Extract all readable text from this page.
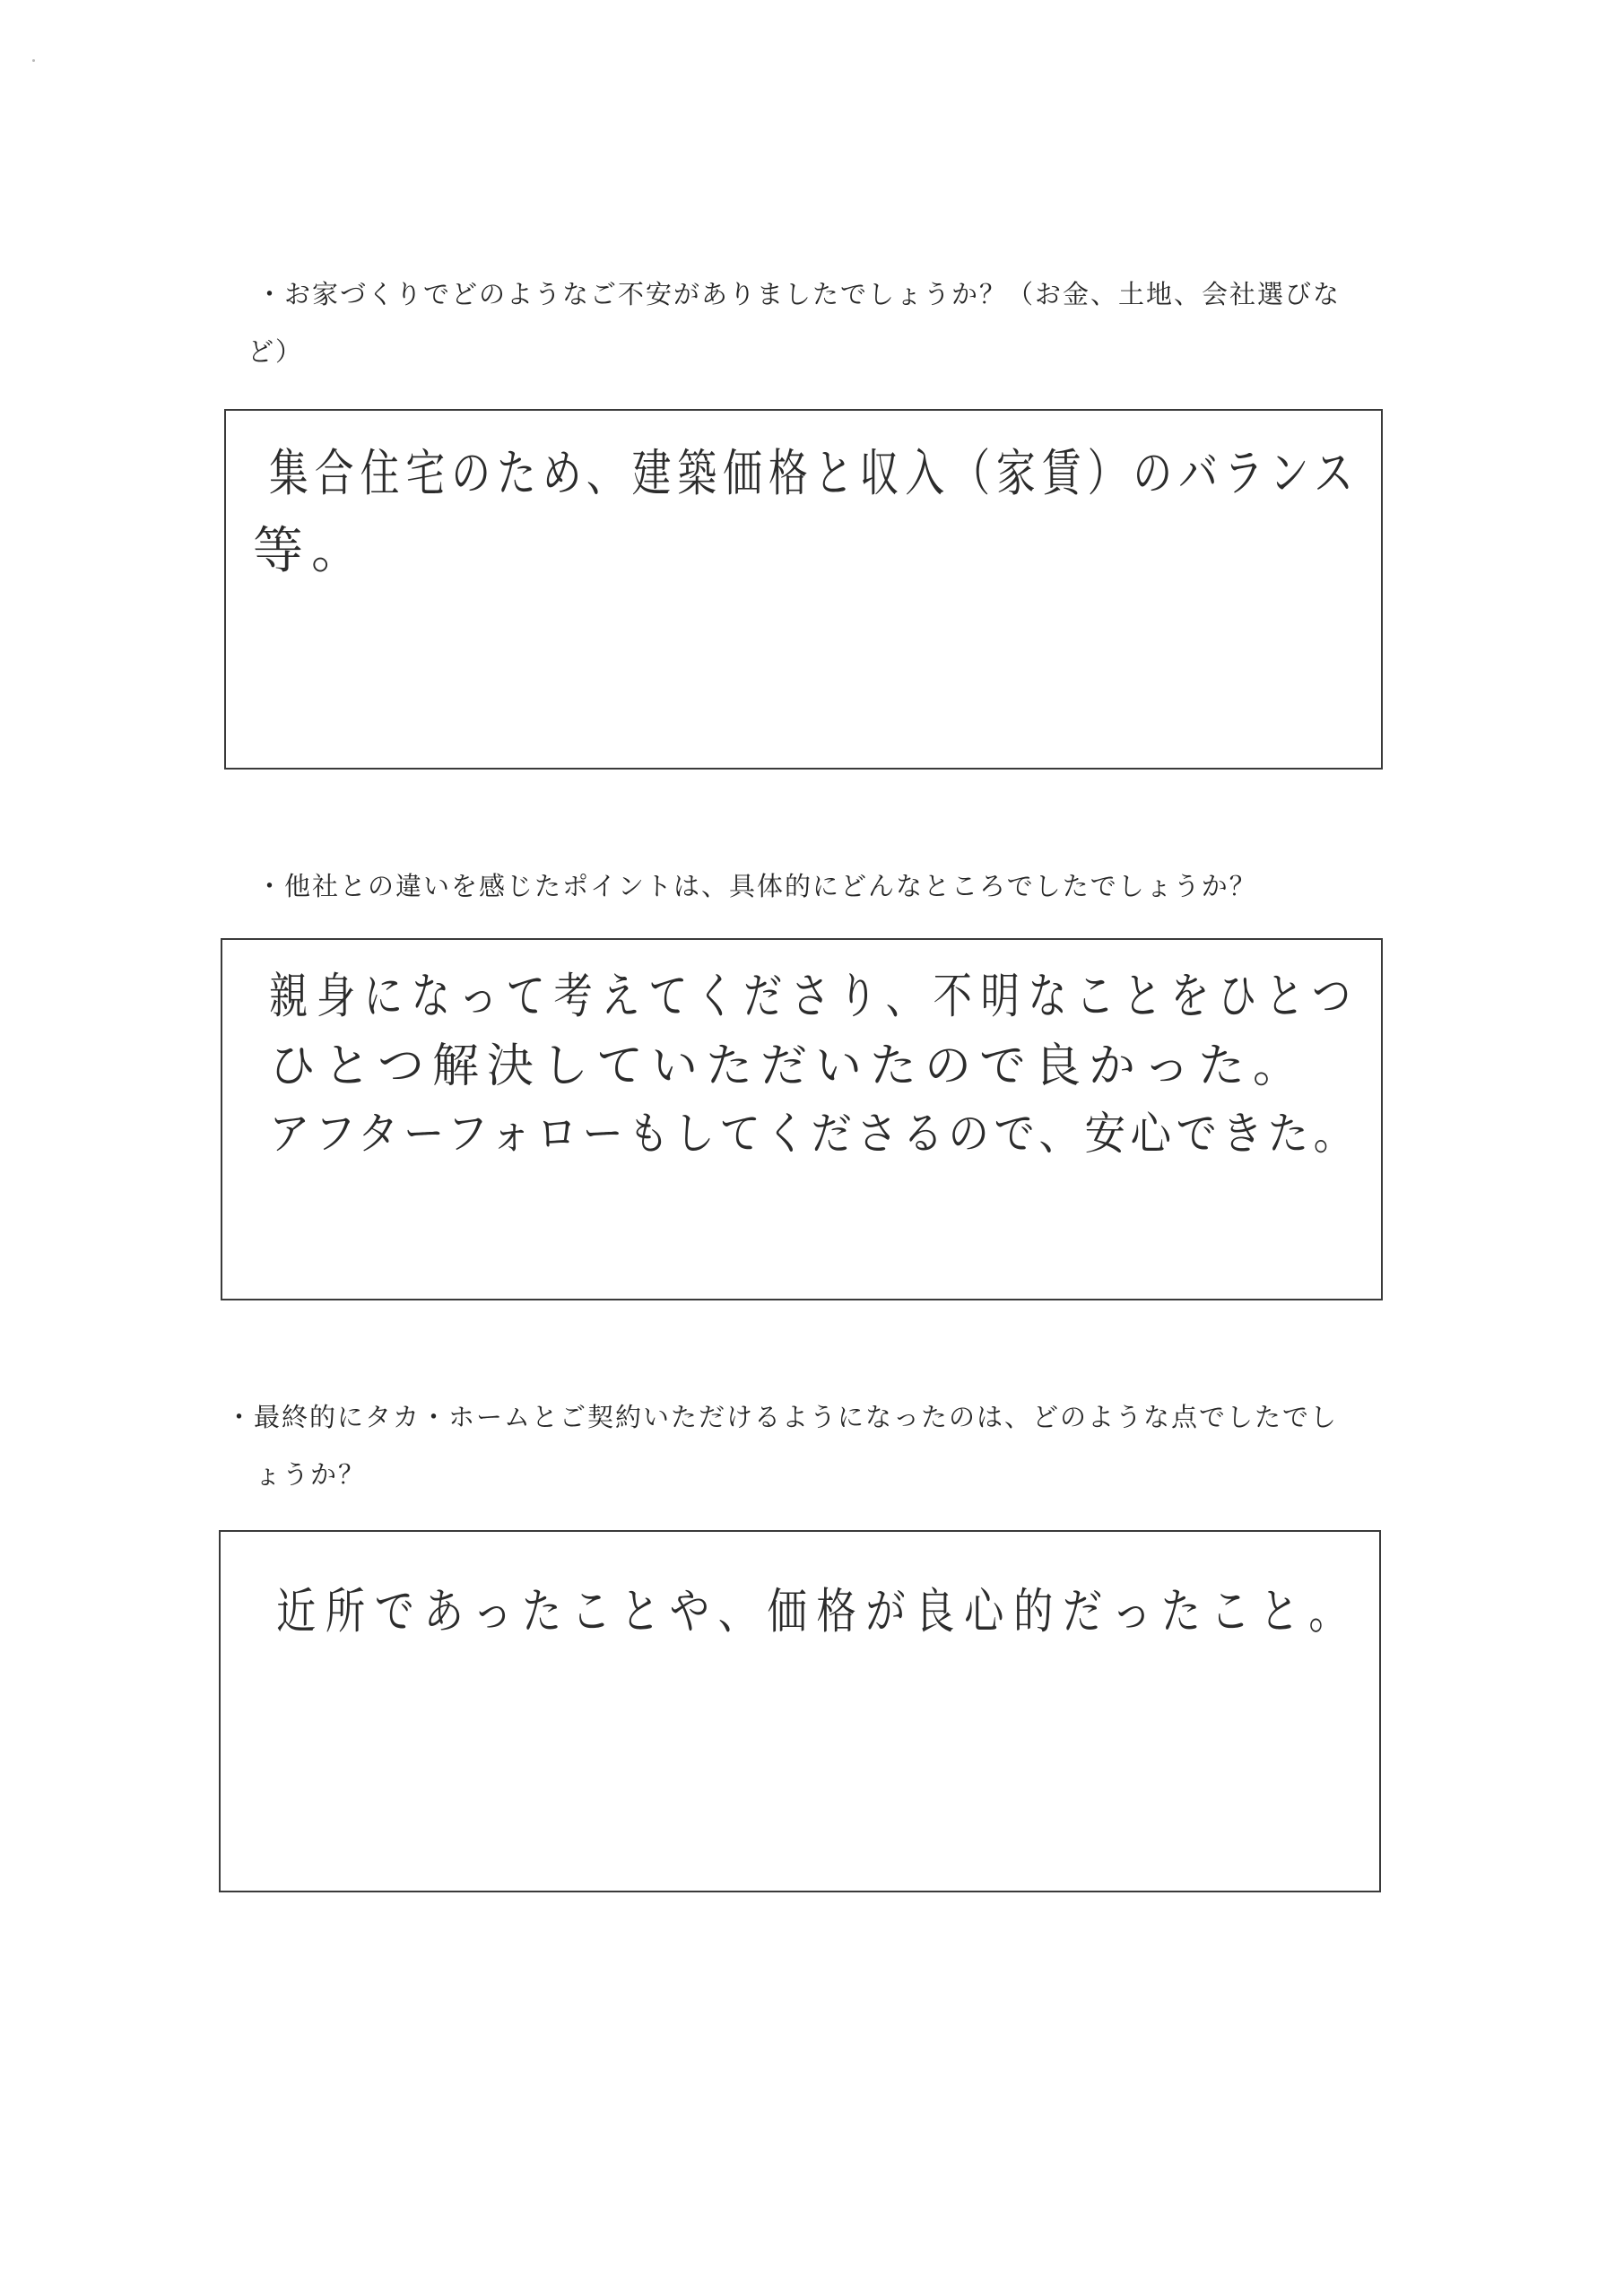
・お家づくりでどのようなご不安がありましたでしょうか？（お金、土地、会社選びな
ど）
集合住宅のため、建築価格と収入（家賃）のバランス
等。
・他社との違いを感じたポイントは、具体的にどんなところでしたでしょうか？
親身になって考えてくださり、不明なことをひとつ
ひとつ解決していただいたので良かった。
アフターフォローもしてくださるので、安心できた。
・最終的にタカ・ホームとご契約いただけるようになったのは、どのような点でしたでし
ょうか？
近所であったことや、価格が良心的だったこと。
